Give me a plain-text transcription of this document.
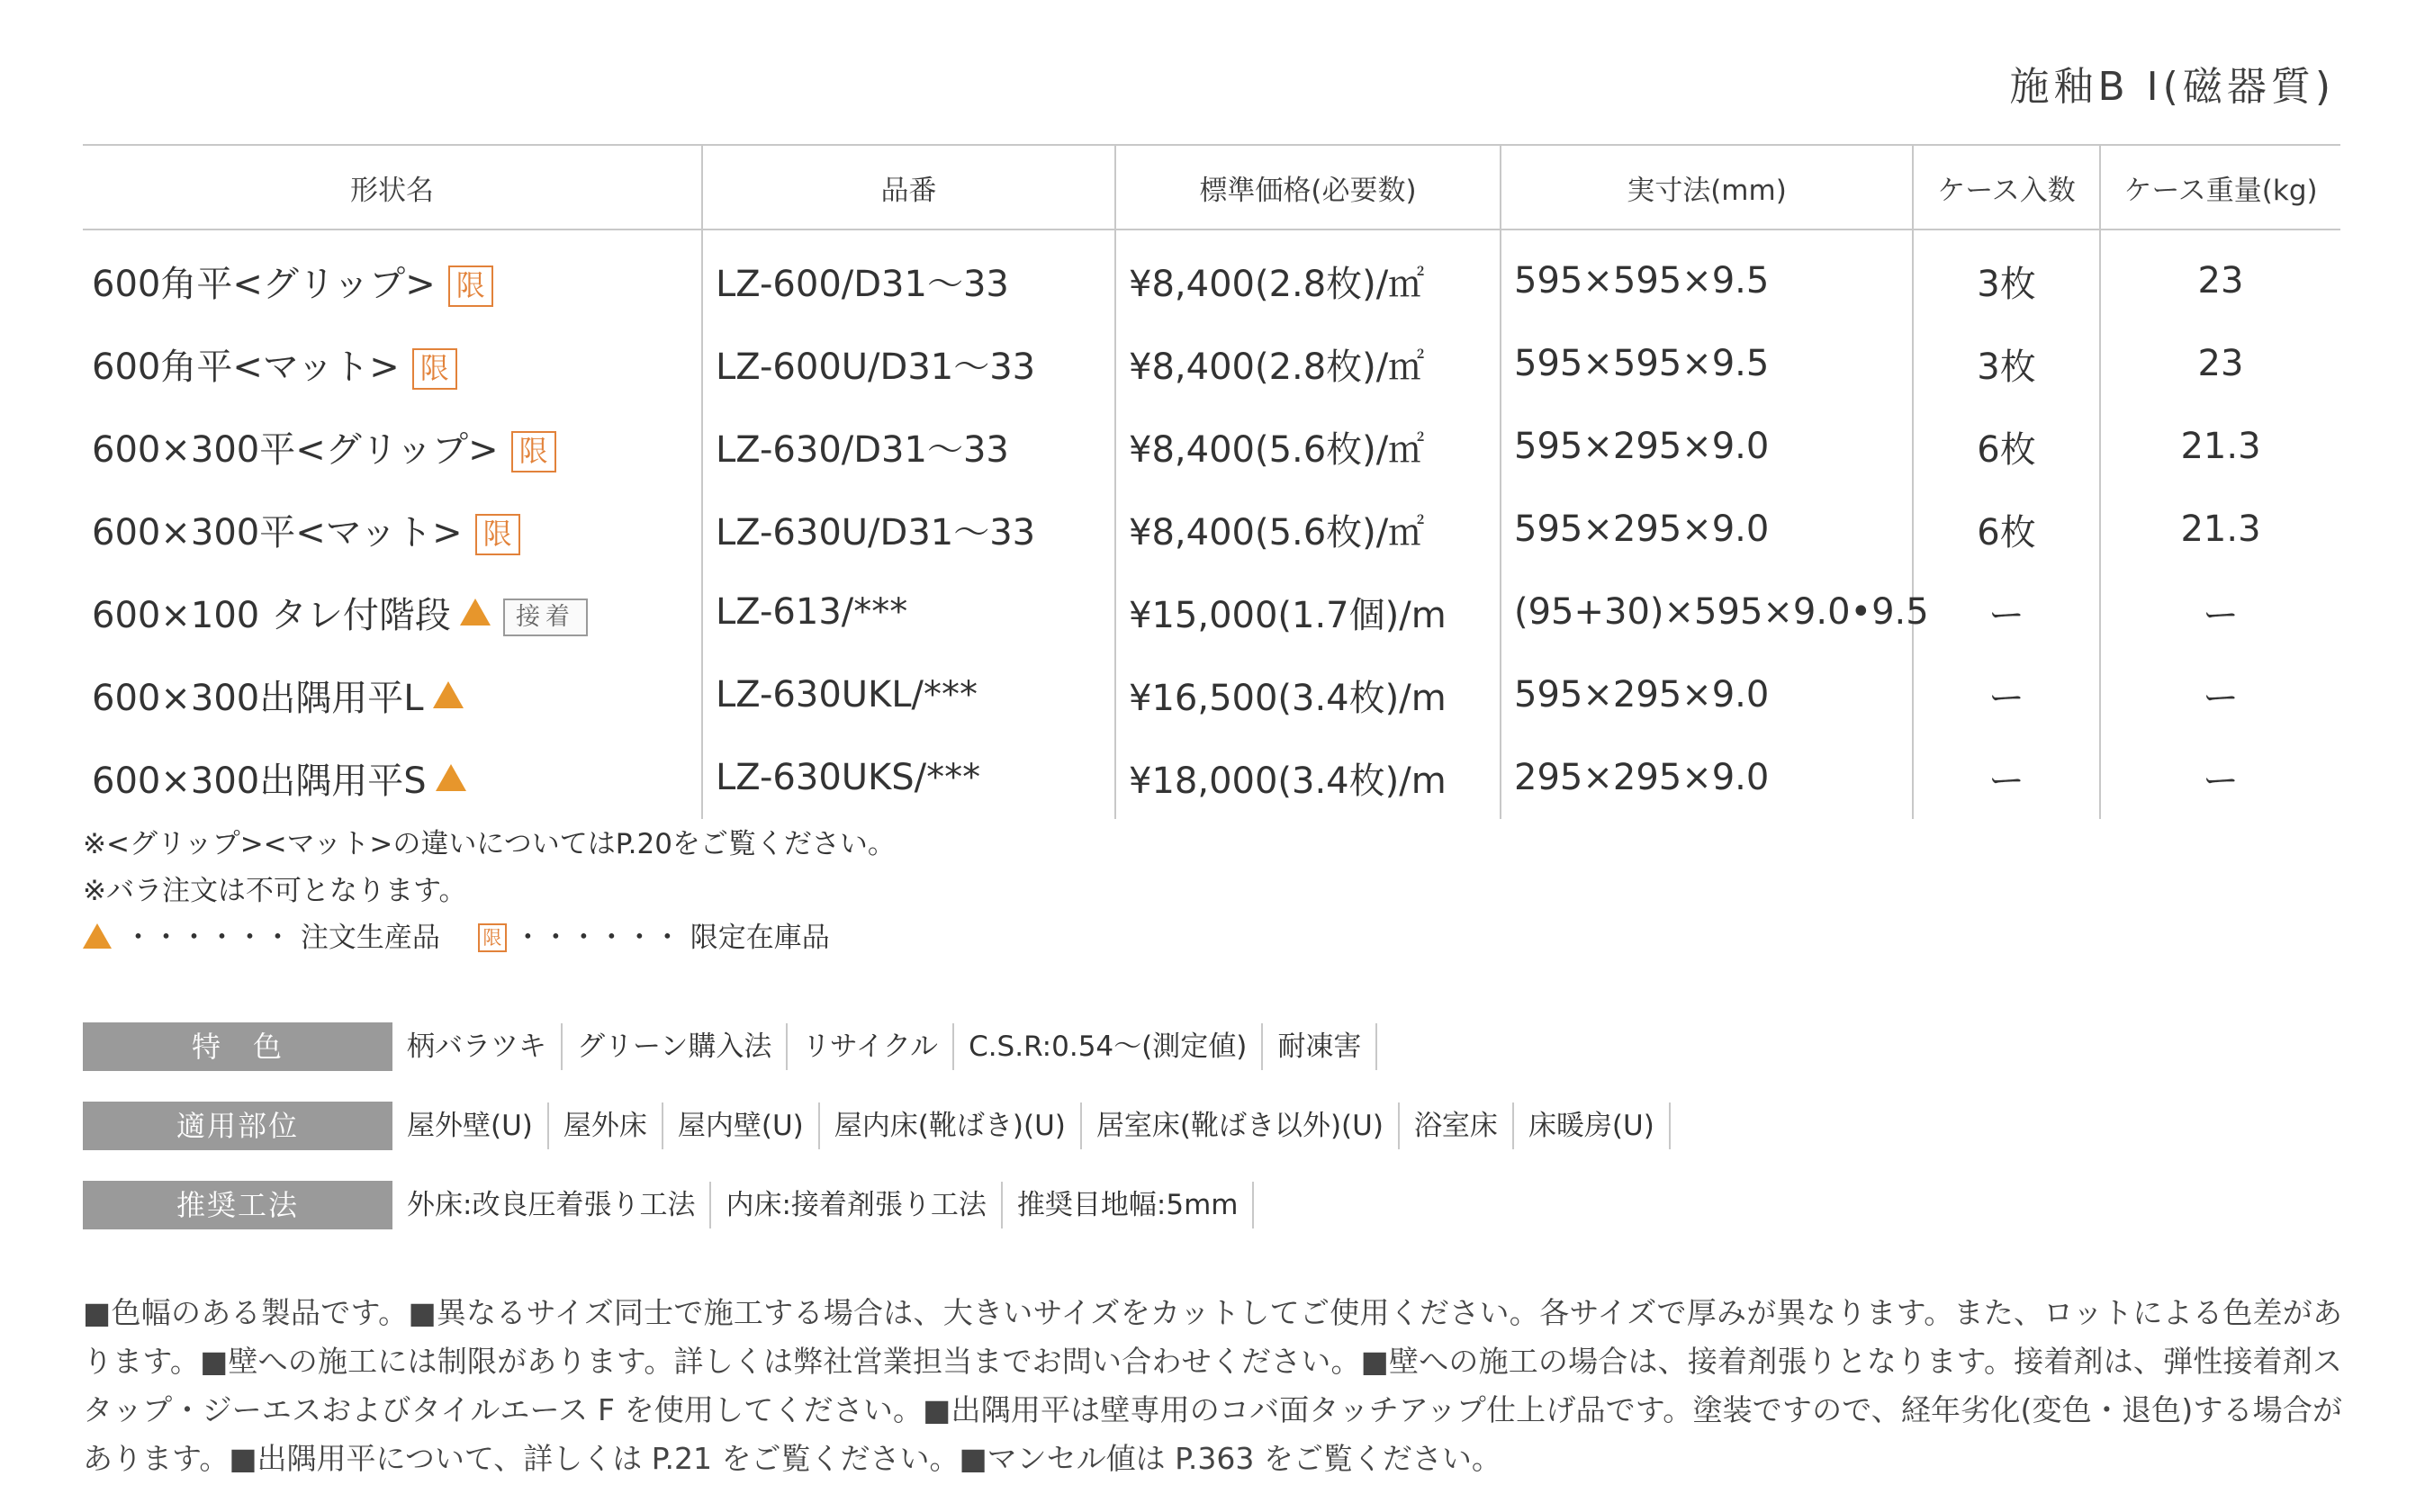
施釉B I(磁器質)
形状名	品番	標準価格(必要数)	実寸法(mm)	ケース入数	ケース重量(kg)
600角平<グリップ> 限	LZ-600/D31〜33	¥8,400(2.8枚)/㎡	595×595×9.5	3枚	23
600角平<マット> 限	LZ-600U/D31〜33	¥8,400(2.8枚)/㎡	595×595×9.5	3枚	23
600×300平<グリップ> 限	LZ-630/D31〜33	¥8,400(5.6枚)/㎡	595×295×9.0	6枚	21.3
600×300平<マット> 限	LZ-630U/D31〜33	¥8,400(5.6枚)/㎡	595×295×9.0	6枚	21.3
600×100 タレ付階段 接着	LZ-613/***	¥15,000(1.7個)/m	(95+30)×595×9.0•9.5	ー	ー
600×300出隅用平L	LZ-630UKL/***	¥16,500(3.4枚)/m	595×295×9.0	ー	ー
600×300出隅用平S	LZ-630UKS/***	¥18,000(3.4枚)/m	295×295×9.0	ー	ー
※<グリップ><マット>の違いについてはP.20をご覧ください。
※バラ注文は不可となります。
・・・・・・ 注文生産品 限 ・・・・・・ 限定在庫品
特　色	柄バラツキ	グリーン購入法	リサイクル	C.S.R:0.54〜(測定値)	耐凍害
適用部位	屋外壁(U)	屋外床	屋内壁(U)	屋内床(靴ばき)(U)	居室床(靴ばき以外)(U)	浴室床	床暖房(U)
推奨工法	外床:改良圧着張り工法	内床:接着剤張り工法	推奨目地幅:5mm
■色幅のある製品です。■異なるサイズ同士で施工する場合は、大きいサイズをカットしてご使用ください。各サイズで厚みが異なります。また、ロットによる色差があります。■壁への施工には制限があります。詳しくは弊社営業担当までお問い合わせください。■壁への施工の場合は、接着剤張りとなります。接着剤は、弾性接着剤スタップ・ジーエスおよびタイルエース F を使用してください。■出隅用平は壁専用のコバ面タッチアップ仕上げ品です。塗装ですので、経年劣化(変色・退色)する場合があります。■出隅用平について、詳しくは P.21 をご覧ください。■マンセル値は P.363 をご覧ください。
